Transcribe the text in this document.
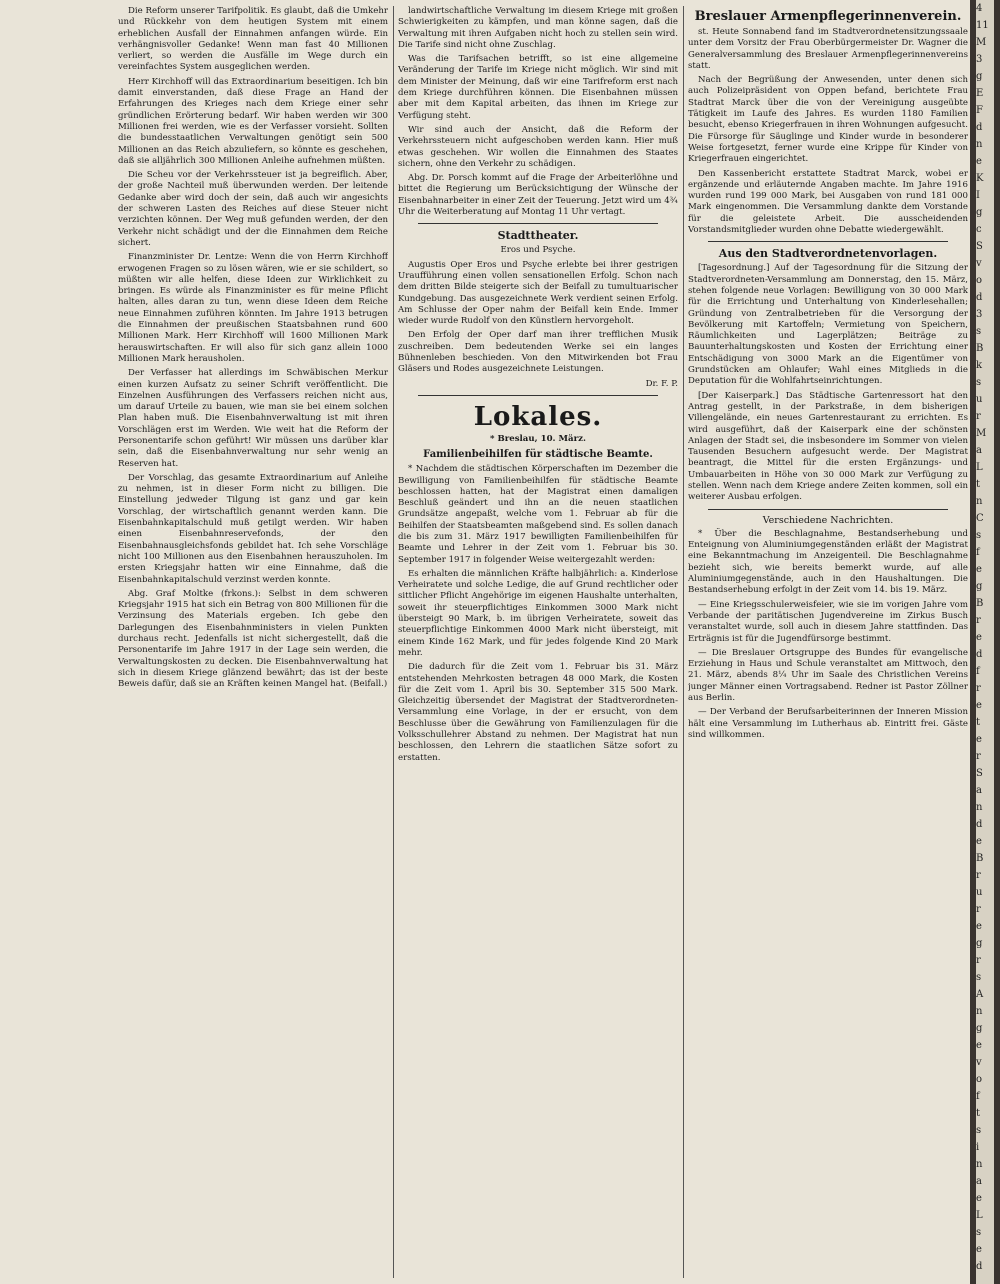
Die Reform unserer Tarifpolitik. Es glaubt, daß die Umkehr und Rückkehr von dem heutigen System mit einem erheblichen Ausfall der Einnahmen anfangen würde. Ein verhängnisvoller Gedanke! Wenn man fast 40 Millionen verliert, so werden die Ausfälle im Wege durch ein vereinfachtes System ausgeglichen werden.

Herr Kirchhoff will das Extraordinarium beseitigen. Ich bin damit einverstanden, daß diese Frage an Hand der Erfahrungen des Krieges nach dem Kriege einer sehr gründlichen Erörterung bedarf. Wir haben werden wir 300 Millionen frei werden, wie es der Verfasser vorsieht. Sollten die bundesstaatlichen Verwaltungen genötigt sein 500 Millionen an das Reich abzuliefern, so könnte es geschehen, daß sie alljährlich 300 Millionen Anleihe aufnehmen müßten.

Die Scheu vor der Verkehrssteuer ist ja begreiflich. Aber, der große Nachteil muß überwunden werden. Der leitende Gedanke aber wird doch der sein, daß auch wir angesichts der schweren Lasten des Reiches auf diese Steuer nicht verzichten können. Der Weg muß gefunden werden, der den Verkehr nicht schädigt und der die Einnahmen dem Reiche sichert.

Finanzminister Dr. Lentze: Wenn die von Herrn Kirchhoff erwogenen Fragen so zu lösen wären, wie er sie schildert, so müßten wir alle helfen, diese Ideen zur Wirklichkeit zu bringen. Es würde als Finanzminister es für meine Pflicht halten, alles daran zu tun, wenn diese Ideen dem Reiche neue Einnahmen zuführen könnten. Im Jahre 1913 betrugen die Einnahmen der preußischen Staatsbahnen rund 600 Millionen Mark. Herr Kirchhoff will 1600 Millionen Mark herauswirtschaften. Er will also für sich ganz allein 1000 Millionen Mark herausholen.

Der Verfasser hat allerdings im Schwäbischen Merkur einen kurzen Aufsatz zu seiner Schrift veröffentlicht. Die Einzelnen Ausführungen des Verfassers reichen nicht aus, um darauf Urteile zu bauen, wie man sie bei einem solchen Plan haben muß. Die Eisenbahnverwaltung ist mit ihren Vorschlägen erst im Werden. Wie weit hat die Reform der Personentarife schon geführt! Wir müssen uns darüber klar sein, daß die Eisenbahnverwaltung nur sehr wenig an Reserven hat.

Der Vorschlag, das gesamte Extraordinarium auf Anleihe zu nehmen, ist in dieser Form nicht zu billigen. Die Einstellung jedweder Tilgung ist ganz und gar kein Vorschlag, der wirtschaftlich genannt werden kann. Die Eisenbahnkapitalschuld muß getilgt werden. Wir haben einen Eisenbahnreservefonds, der den Eisenbahnausgleichsfonds gebildet hat. Ich sehe Vorschläge nicht 100 Millionen aus den Eisenbahnen herauszuholen. Im ersten Kriegsjahr hatten wir eine Einnahme, daß die Eisenbahnkapitalschuld verzinst werden konnte.

Abg. Graf Moltke (frkons.): Selbst in dem schweren Kriegsjahr 1915 hat sich ein Betrag von 800 Millionen für die Verzinsung des Materials ergeben. Ich gebe den Darlegungen des Eisenbahnministers in vielen Punkten durchaus recht. Jedenfalls ist nicht sichergestellt, daß die Personentarife im Jahre 1917 in der Lage sein werden, die Verwaltungskosten zu decken. Die Eisenbahnverwaltung hat sich in diesem Kriege glänzend bewährt; das ist der beste Beweis dafür, daß sie an Kräften keinen Mangel hat. (Beifall.)

landwirtschaftliche Verwaltung im diesem Kriege mit großen Schwierigkeiten zu kämpfen, und man könne sagen, daß die Verwaltung mit ihren Aufgaben nicht hoch zu stellen sein wird. Die Tarife sind nicht ohne Zuschlag.

Was die Tarifsachen betrifft, so ist eine allgemeine Veränderung der Tarife im Kriege nicht möglich. Wir sind mit dem Minister der Meinung, daß wir eine Tarifreform erst nach dem Kriege durchführen können. Die Eisenbahnen müssen aber mit dem Kapital arbeiten, das ihnen im Kriege zur Verfügung steht.

Wir sind auch der Ansicht, daß die Reform der Verkehrssteuern nicht aufgeschoben werden kann. Hier muß etwas geschehen. Wir wollen die Einnahmen des Staates sichern, ohne den Verkehr zu schädigen.

Abg. Dr. Porsch kommt auf die Frage der Arbeiterlöhne und bittet die Regierung um Berücksichtigung der Wünsche der Eisenbahnarbeiter in einer Zeit der Teuerung. Jetzt wird um 4¾ Uhr die Weiterberatung auf Montag 11 Uhr vertagt.

Stadttheater.
Eros und Psyche.

Augustis Oper Eros und Psyche erlebte bei ihrer gestrigen Uraufführung einen vollen sensationellen Erfolg. Schon nach dem dritten Bilde steigerte sich der Beifall zu tumultuarischer Kundgebung. Das ausgezeichnete Werk verdient seinen Erfolg. Am Schlusse der Oper nahm der Beifall kein Ende. Immer wieder wurde Rudolf von den Künstlern hervorgeholt.

Den Erfolg der Oper darf man ihrer trefflichen Musik zuschreiben. Dem bedeutenden Werke sei ein langes Bühnenleben beschieden. Von den Mitwirkenden bot Frau Gläsers und Rodes ausgezeichnete Leistungen.

Dr. F. P.

Lokales.
* Breslau, 10. März.
Familienbeihilfen für städtische Beamte.

* Nachdem die städtischen Körperschaften im Dezember die Bewilligung von Familienbeihilfen für städtische Beamte beschlossen hatten, hat der Magistrat einen damaligen Beschluß geändert und ihn an die neuen staatlichen Grundsätze angepaßt, welche vom 1. Februar ab für die Beihilfen der Staatsbeamten maßgebend sind. Es sollen danach die bis zum 31. März 1917 bewilligten Familienbeihilfen für Beamte und Lehrer in der Zeit vom 1. Februar bis 30. September 1917 in folgender Weise weitergezahlt werden:

Es erhalten die männlichen Kräfte halbjährlich: a. Kinderlose Verheiratete und solche Ledige, die auf Grund rechtlicher oder sittlicher Pflicht Angehörige im eigenen Haushalte unterhalten, soweit ihr steuerpflichtiges Einkommen 3000 Mark nicht übersteigt 90 Mark, b. im übrigen Verheiratete, soweit das steuerpflichtige Einkommen 4000 Mark nicht übersteigt, mit einem Kinde 162 Mark, und für jedes folgende Kind 20 Mark mehr.

Die dadurch für die Zeit vom 1. Februar bis 31. März entstehenden Mehrkosten betragen 48 000 Mark, die Kosten für die Zeit vom 1. April bis 30. September 315 500 Mark. Gleichzeitig übersendet der Magistrat der Stadtverordneten-Versammlung eine Vorlage, in der er ersucht, von dem Beschlusse über die Gewährung von Familienzulagen für die Volksschullehrer Abstand zu nehmen. Der Magistrat hat nun beschlossen, den Lehrern die staatlichen Sätze sofort zu erstatten.

Breslauer Armenpflegerinnenverein.

st. Heute Sonnabend fand im Stadtverordnetensitzungssaale unter dem Vorsitz der Frau Oberbürgermeister Dr. Wagner die Generalversammlung des Breslauer Armenpflegerinnenvereins statt.

Nach der Begrüßung der Anwesenden, unter denen sich auch Polizeipräsident von Oppen befand, berichtete Frau Stadtrat Marck über die von der Vereinigung ausgeübte Tätigkeit im Laufe des Jahres. Es wurden 1180 Familien besucht, ebenso Kriegerfrauen in ihren Wohnungen aufgesucht. Die Fürsorge für Säuglinge und Kinder wurde in besonderer Weise fortgesetzt, ferner wurde eine Krippe für Kinder von Kriegerfrauen eingerichtet.

Den Kassenbericht erstattete Stadtrat Marck, wobei er ergänzende und erläuternde Angaben machte. Im Jahre 1916 wurden rund 199 000 Mark, bei Ausgaben von rund 181 000 Mark eingenommen. Die Versammlung dankte dem Vorstande für die geleistete Arbeit. Die ausscheidenden Vorstandsmitglieder wurden ohne Debatte wiedergewählt.

Aus den Stadtverordnetenvorlagen.

[Tagesordnung.] Auf der Tagesordnung für die Sitzung der Stadtverordneten-Versammlung am Donnerstag, den 15. März, stehen folgende neue Vorlagen: Bewilligung von 30 000 Mark für die Errichtung und Unterhaltung von Kinderlesehallen; Gründung von Zentralbetrieben für die Versorgung der Bevölkerung mit Kartoffeln; Vermietung von Speichern, Räumlichkeiten und Lagerplätzen; Beiträge zu Bauunterhaltungskosten und Kosten der Errichtung einer Entschädigung von 3000 Mark an die Eigentümer von Grundstücken am Ohlaufer; Wahl eines Mitglieds in die Deputation für die Wohlfahrtseinrichtungen.

[Der Kaiserpark.] Das Städtische Gartenressort hat den Antrag gestellt, in der Parkstraße, in dem bisherigen Villengelände, ein neues Gartenrestaurant zu errichten. Es wird ausgeführt, daß der Kaiserpark eine der schönsten Anlagen der Stadt sei, die insbesondere im Sommer von vielen Tausenden Besuchern aufgesucht werde. Der Magistrat beantragt, die Mittel für die ersten Ergänzungs- und Umbauarbeiten in Höhe von 30 000 Mark zur Verfügung zu stellen. Wenn nach dem Kriege andere Zeiten kommen, soll ein weiterer Ausbau erfolgen.

Verschiedene Nachrichten.

* Über die Beschlagnahme, Bestandserhebung und Enteignung von Aluminiumgegenständen erläßt der Magistrat eine Bekanntmachung im Anzeigenteil. Die Beschlagnahme bezieht sich, wie bereits bemerkt wurde, auf alle Aluminiumgegenstände, auch in den Haushaltungen. Die Bestandserhebung erfolgt in der Zeit vom 14. bis 19. März.

— Eine Kriegsschulerweisfeier, wie sie im vorigen Jahre vom Verbande der paritätischen Jugendvereine im Zirkus Busch veranstaltet wurde, soll auch in diesem Jahre stattfinden. Das Erträgnis ist für die Jugendfürsorge bestimmt.

— Die Breslauer Ortsgruppe des Bundes für evangelische Erziehung in Haus und Schule veranstaltet am Mittwoch, den 21. März, abends 8¼ Uhr im Saale des Christlichen Vereins junger Männer einen Vortragsabend. Redner ist Pastor Zöllner aus Berlin.

— Der Verband der Berufsarbeiterinnen der Inneren Mission hält eine Versammlung im Lutherhaus ab. Eintritt frei. Gäste sind willkommen.

4
11
M
3
g
E
F
d
n
e
K
I
g
c
S
v
o
d
3
s
B
k
s
u
r
M
a
L
t
n
C
s
f
e
g
B
r
e
d
f
r
e
t
e
r
S
a
n
d
e
B
r
u
r
e
g
r
s
A
n
g
e
v
o
f
t
s
i
n
a
e
L
s
e
d
